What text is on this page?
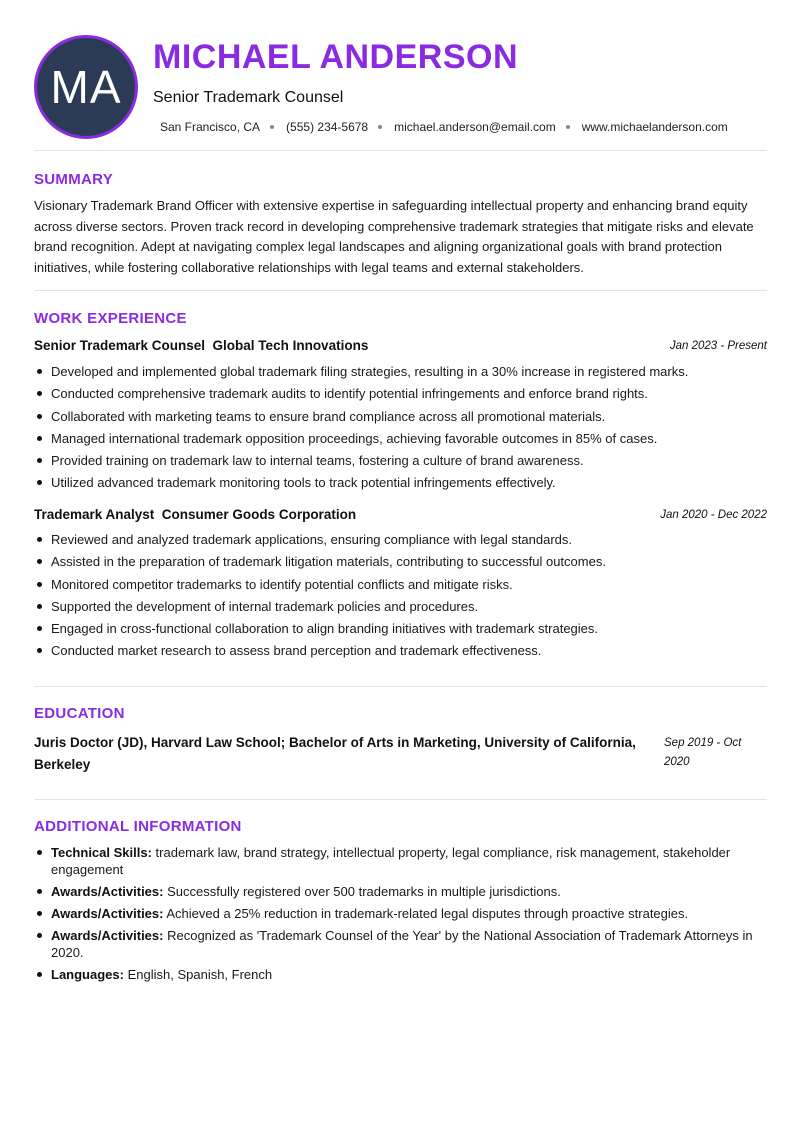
MA
MICHAEL ANDERSON
Senior Trademark Counsel
San Francisco, CA (555) 234-5678 michael.anderson@email.com www.michaelanderson.com
SUMMARY

Visionary Trademark Brand Officer with extensive expertise in safeguarding intellectual property and enhancing brand equity across diverse sectors. Proven track record in developing comprehensive trademark strategies that mitigate risks and elevate brand recognition. Adept at navigating complex legal landscapes and aligning organizational goals with brand protection initiatives, while fostering collaborative relationships with legal teams and external stakeholders.

WORK EXPERIENCE
Senior Trademark Counsel  Global Tech Innovations	Jan 2023 - Present
Developed and implemented global trademark filing strategies, resulting in a 30% increase in registered marks.
Conducted comprehensive trademark audits to identify potential infringements and enforce brand rights.
Collaborated with marketing teams to ensure brand compliance across all promotional materials.
Managed international trademark opposition proceedings, achieving favorable outcomes in 85% of cases.
Provided training on trademark law to internal teams, fostering a culture of brand awareness.
Utilized advanced trademark monitoring tools to track potential infringements effectively.
Trademark Analyst  Consumer Goods Corporation	Jan 2020 - Dec 2022
Reviewed and analyzed trademark applications, ensuring compliance with legal standards.
Assisted in the preparation of trademark litigation materials, contributing to successful outcomes.
Monitored competitor trademarks to identify potential conflicts and mitigate risks.
Supported the development of internal trademark policies and procedures.
Engaged in cross-functional collaboration to align branding initiatives with trademark strategies.
Conducted market research to assess brand perception and trademark effectiveness.
EDUCATION

Juris Doctor (JD), Harvard Law School; Bachelor of Arts in Marketing, University of California, Berkeley

Sep 2019 - Oct 2020
ADDITIONAL INFORMATION
Technical Skills: trademark law, brand strategy, intellectual property, legal compliance, risk management, stakeholder engagement
Awards/Activities: Successfully registered over 500 trademarks in multiple jurisdictions.
Awards/Activities: Achieved a 25% reduction in trademark-related legal disputes through proactive strategies.
Awards/Activities: Recognized as 'Trademark Counsel of the Year' by the National Association of Trademark Attorneys in 2020.
Languages: English, Spanish, French
